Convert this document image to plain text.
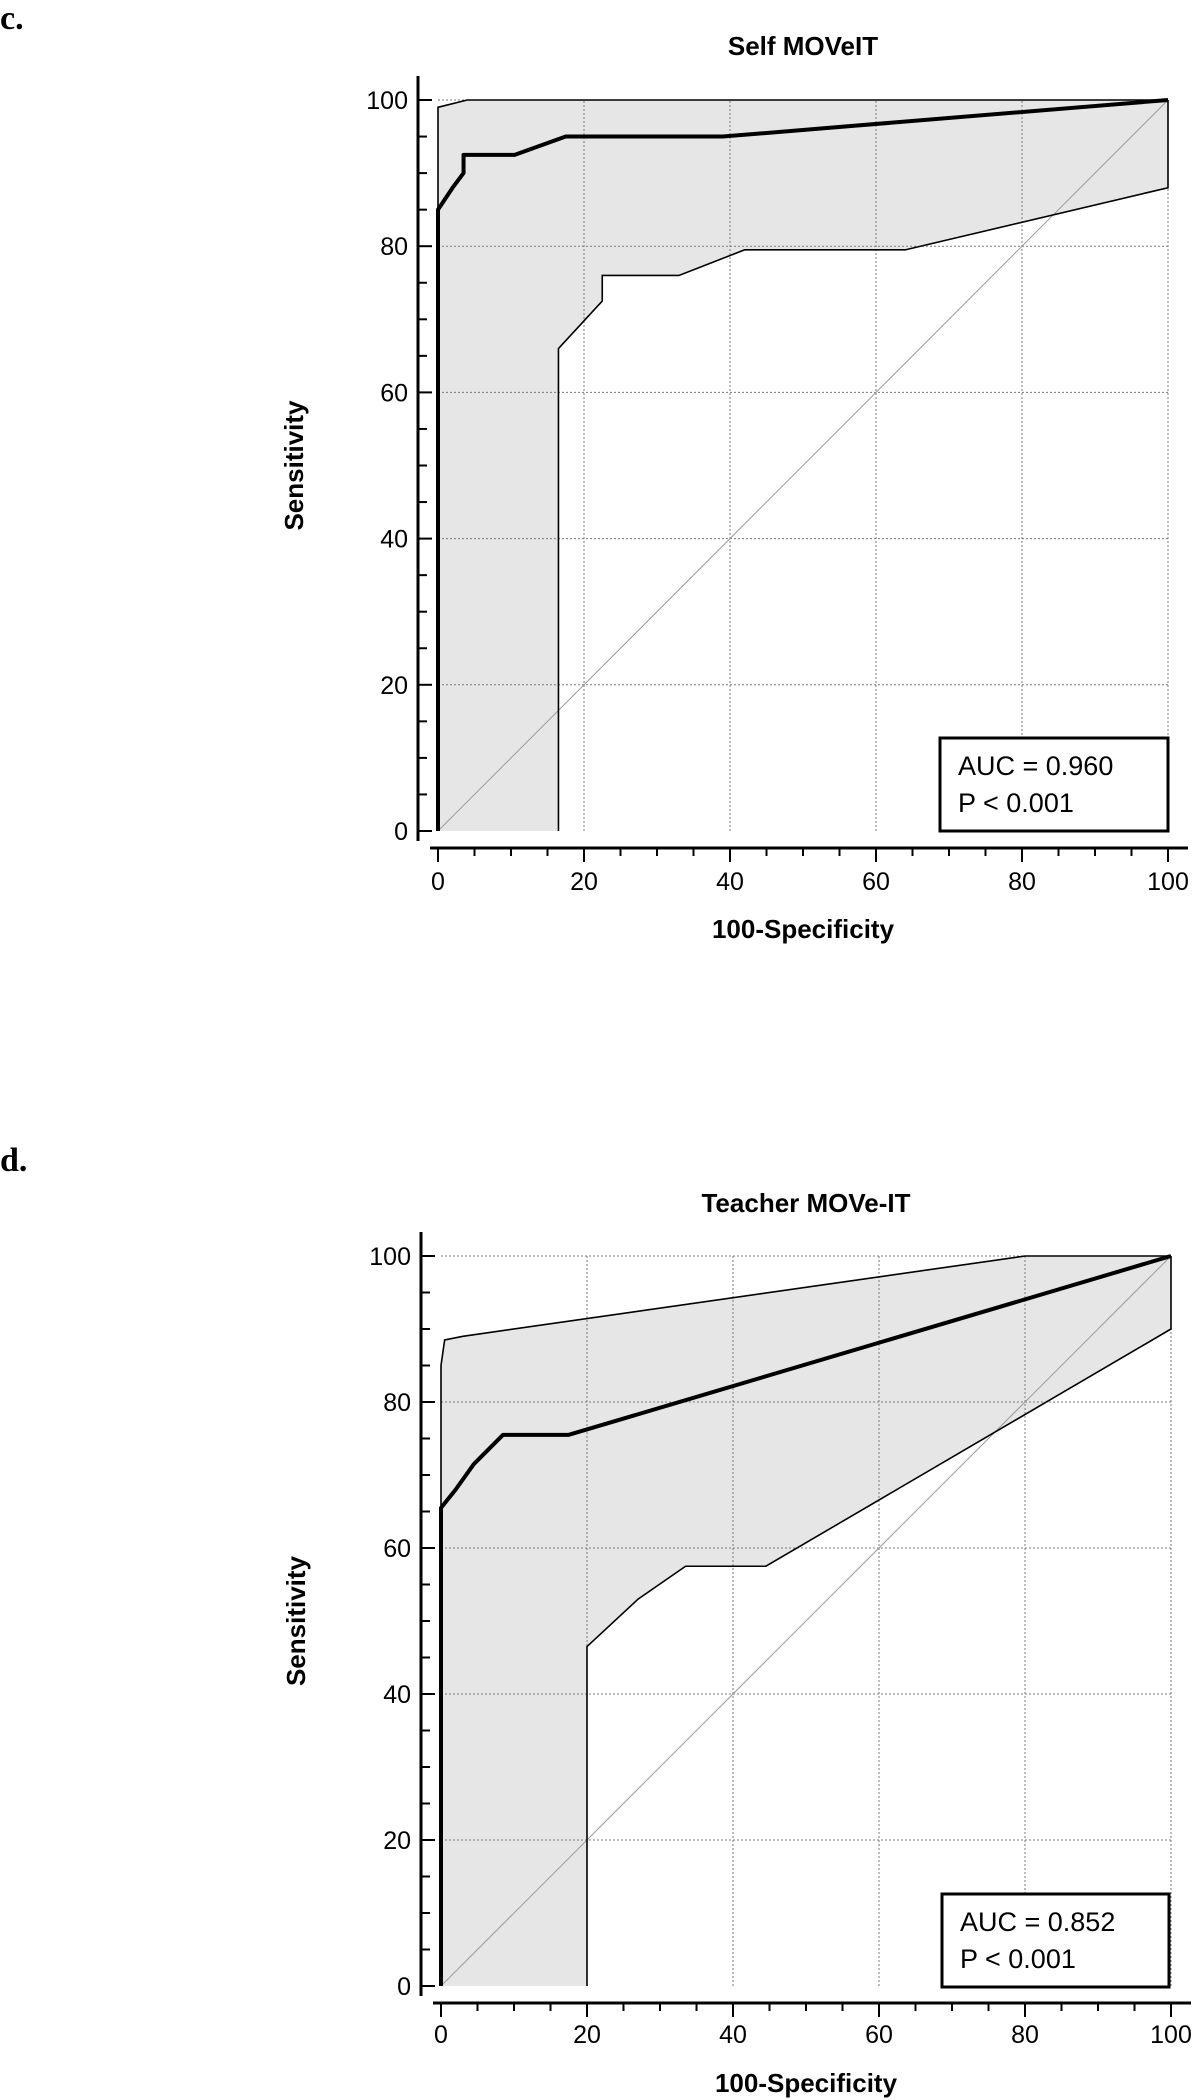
c.
0
20
40
60
80
100
0	20	40	60	80	100
Self MOVeIT
100-Specificity
Sensitivity
AUC = 0.960
P < 0.001
d.
0
20
40
60
80
100
0	20	40	60	80	100
Teacher MOVe-IT
100-Specificity
Sensitivity
AUC = 0.852
P < 0.001
